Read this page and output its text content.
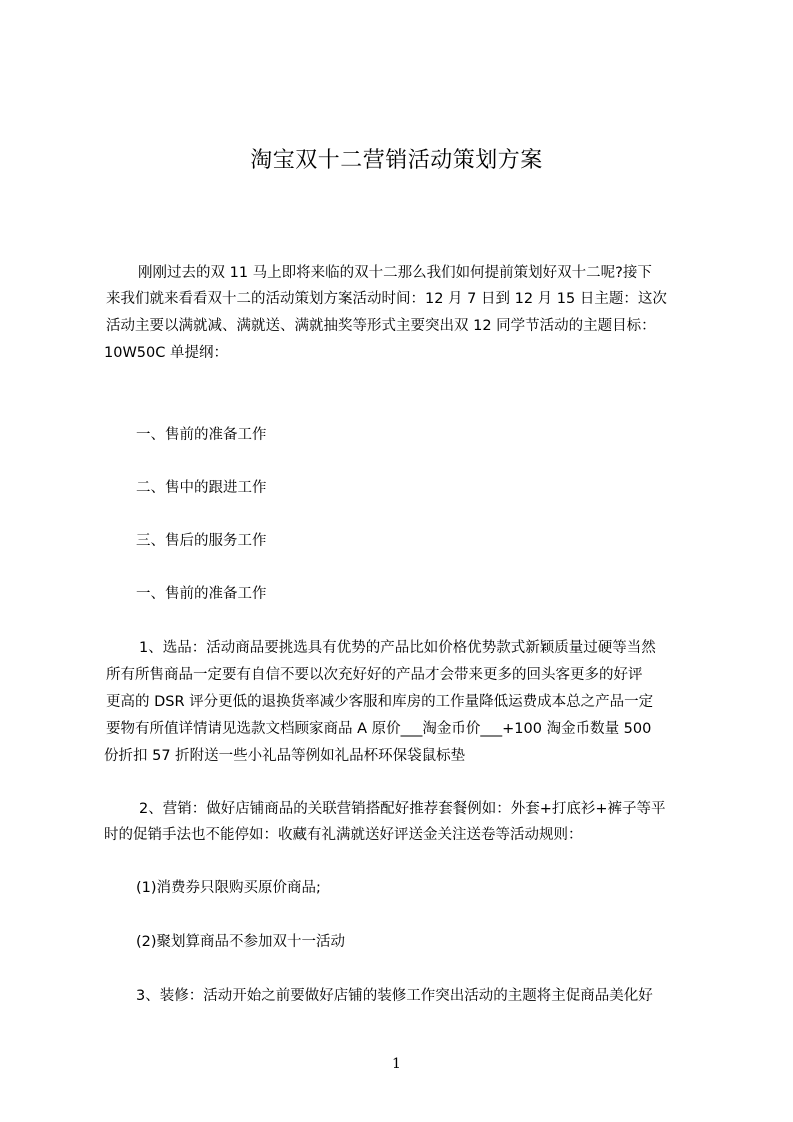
淘宝双十二营销活动策划方案
刚刚过去的双 11 马上即将来临的双十二那么我们如何提前策划好双十二呢?接下
来我们就来看看双十二的活动策划方案活动时间：12 月 7 日到 12 月 15 日主题：这次
活动主要以满就减、满就送、满就抽奖等形式主要突出双 12 同学节活动的主题目标：
10W50C 单提纲：
一、售前的准备工作
二、售中的跟进工作
三、售后的服务工作
一、售前的准备工作
1、选品：活动商品要挑选具有优势的产品比如价格优势款式新颖质量过硬等当然
所有所售商品一定要有自信不要以次充好好的产品才会带来更多的回头客更多的好评
更高的 DSR 评分更低的退换货率减少客服和库房的工作量降低运费成本总之产品一定
要物有所值详情请见选款文档顾家商品 A 原价___淘金币价___+100 淘金币数量 500
份折扣 57 折附送一些小礼品等例如礼品杯环保袋鼠标垫
2、营销：做好店铺商品的关联营销搭配好推荐套餐例如：外套+打底衫+裤子等平
时的促销手法也不能停如：收藏有礼满就送好评送金关注送卷等活动规则：
(1)消费券只限购买原价商品;
(2)聚划算商品不参加双十一活动
3、装修：活动开始之前要做好店铺的装修工作突出活动的主题将主促商品美化好
1
